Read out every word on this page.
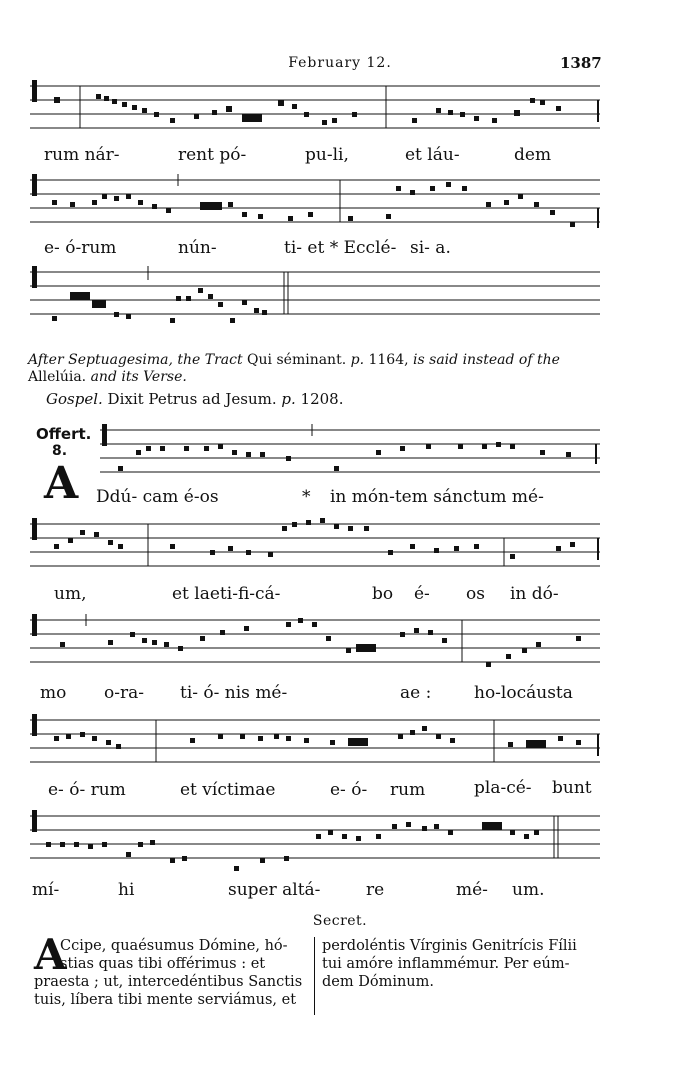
February 12.	1387
rum nár-	rent pó-	pu-li,	et láu-	dem
e- ó-rum	nún-	ti- et * Ecclé- si- a.
After Septuagesima, the Tract Qui séminant. p. 1164, is said instead of the
Allelúia. and its Verse.
Gospel. Dixit Petrus ad Jesum. p. 1208.
Offert.
8.
A Ddú- cam é-os	* in món-tem sánctum mé-
um,	et laeti-fi-cá-	bo é- os in dó-
mo o-ra- ti- ó- nis mé-	ae :	ho-locáusta
e- ó- rum	et víctimae	e- ó- rum	pla-cé- bunt
mí-	hi	super altá-	re	mé- um.
Secret.
A
Ccipe, quaésumus Dómine, hó-
stias quas tibi offérimus : et
praesta ; ut, intercedéntibus Sanctis
tuis, líbera tibi mente serviámus, et
perdoléntis Vírginis Genitrícis Fílii
tui amóre inflammémur. Per eúm-
dem Dóminum.
